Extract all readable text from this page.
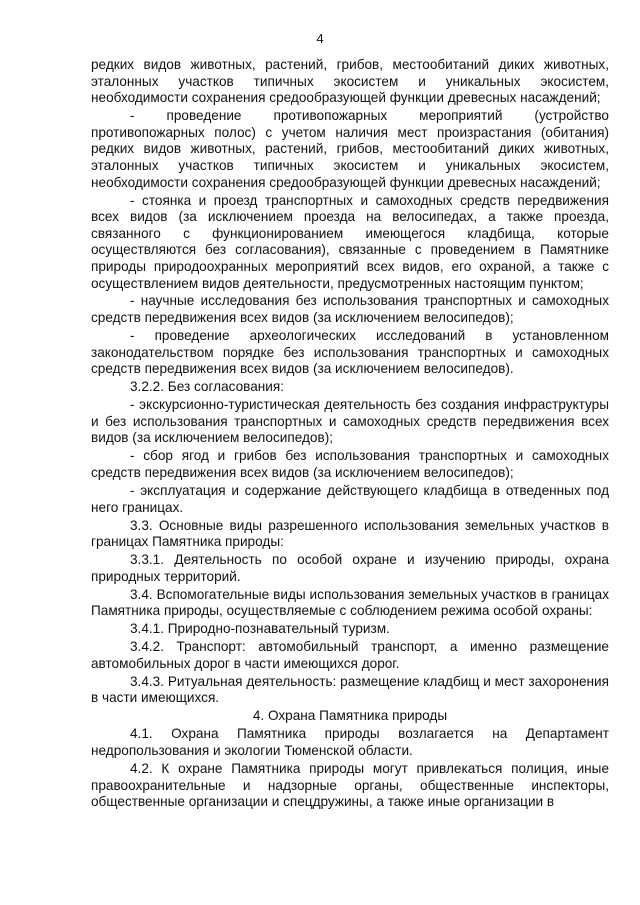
4

редких видов животных, растений, грибов, местообитаний диких животных, эталонных участков типичных экосистем и уникальных экосистем, необходимости сохранения средообразующей функции древесных насаждений;

- проведение противопожарных мероприятий (устройство противопожарных полос) с учетом наличия мест произрастания (обитания) редких видов животных, растений, грибов, местообитаний диких животных, эталонных участков типичных экосистем и уникальных экосистем, необходимости сохранения средообразующей функции древесных насаждений;

- стоянка и проезд транспортных и самоходных средств передвижения всех видов (за исключением проезда на велосипедах, а также проезда, связанного с функционированием имеющегося кладбища, которые осуществляются без согласования), связанные с проведением в Памятнике природы природоохранных мероприятий всех видов, его охраной, а также с осуществлением видов деятельности, предусмотренных настоящим пунктом;

- научные исследования без использования транспортных и самоходных средств передвижения всех видов (за исключением велосипедов);

- проведение археологических исследований в установленном законодательством порядке без использования транспортных и самоходных средств передвижения всех видов (за исключением велосипедов).

3.2.2. Без согласования:

- экскурсионно-туристическая деятельность без создания инфраструктуры и без использования транспортных и самоходных средств передвижения всех видов (за исключением велосипедов);

- сбор ягод и грибов без использования транспортных и самоходных средств передвижения всех видов (за исключением велосипедов);

- эксплуатация и содержание действующего кладбища в отведенных под него границах.

3.3. Основные виды разрешенного использования земельных участков в границах Памятника природы:

3.3.1. Деятельность по особой охране и изучению природы, охрана природных территорий.

3.4. Вспомогательные виды использования земельных участков в границах Памятника природы, осуществляемые с соблюдением режима особой охраны:

3.4.1. Природно-познавательный туризм.

3.4.2. Транспорт: автомобильный транспорт, а именно размещение автомобильных дорог в части имеющихся дорог.

3.4.3. Ритуальная деятельность: размещение кладбищ и мест захоронения в части имеющихся.

4. Охрана Памятника природы

4.1. Охрана Памятника природы возлагается на Департамент недропользования и экологии Тюменской области.

4.2. К охране Памятника природы могут привлекаться полиция, иные правоохранительные и надзорные органы, общественные инспекторы, общественные организации и спецдружины, а также иные организации в
